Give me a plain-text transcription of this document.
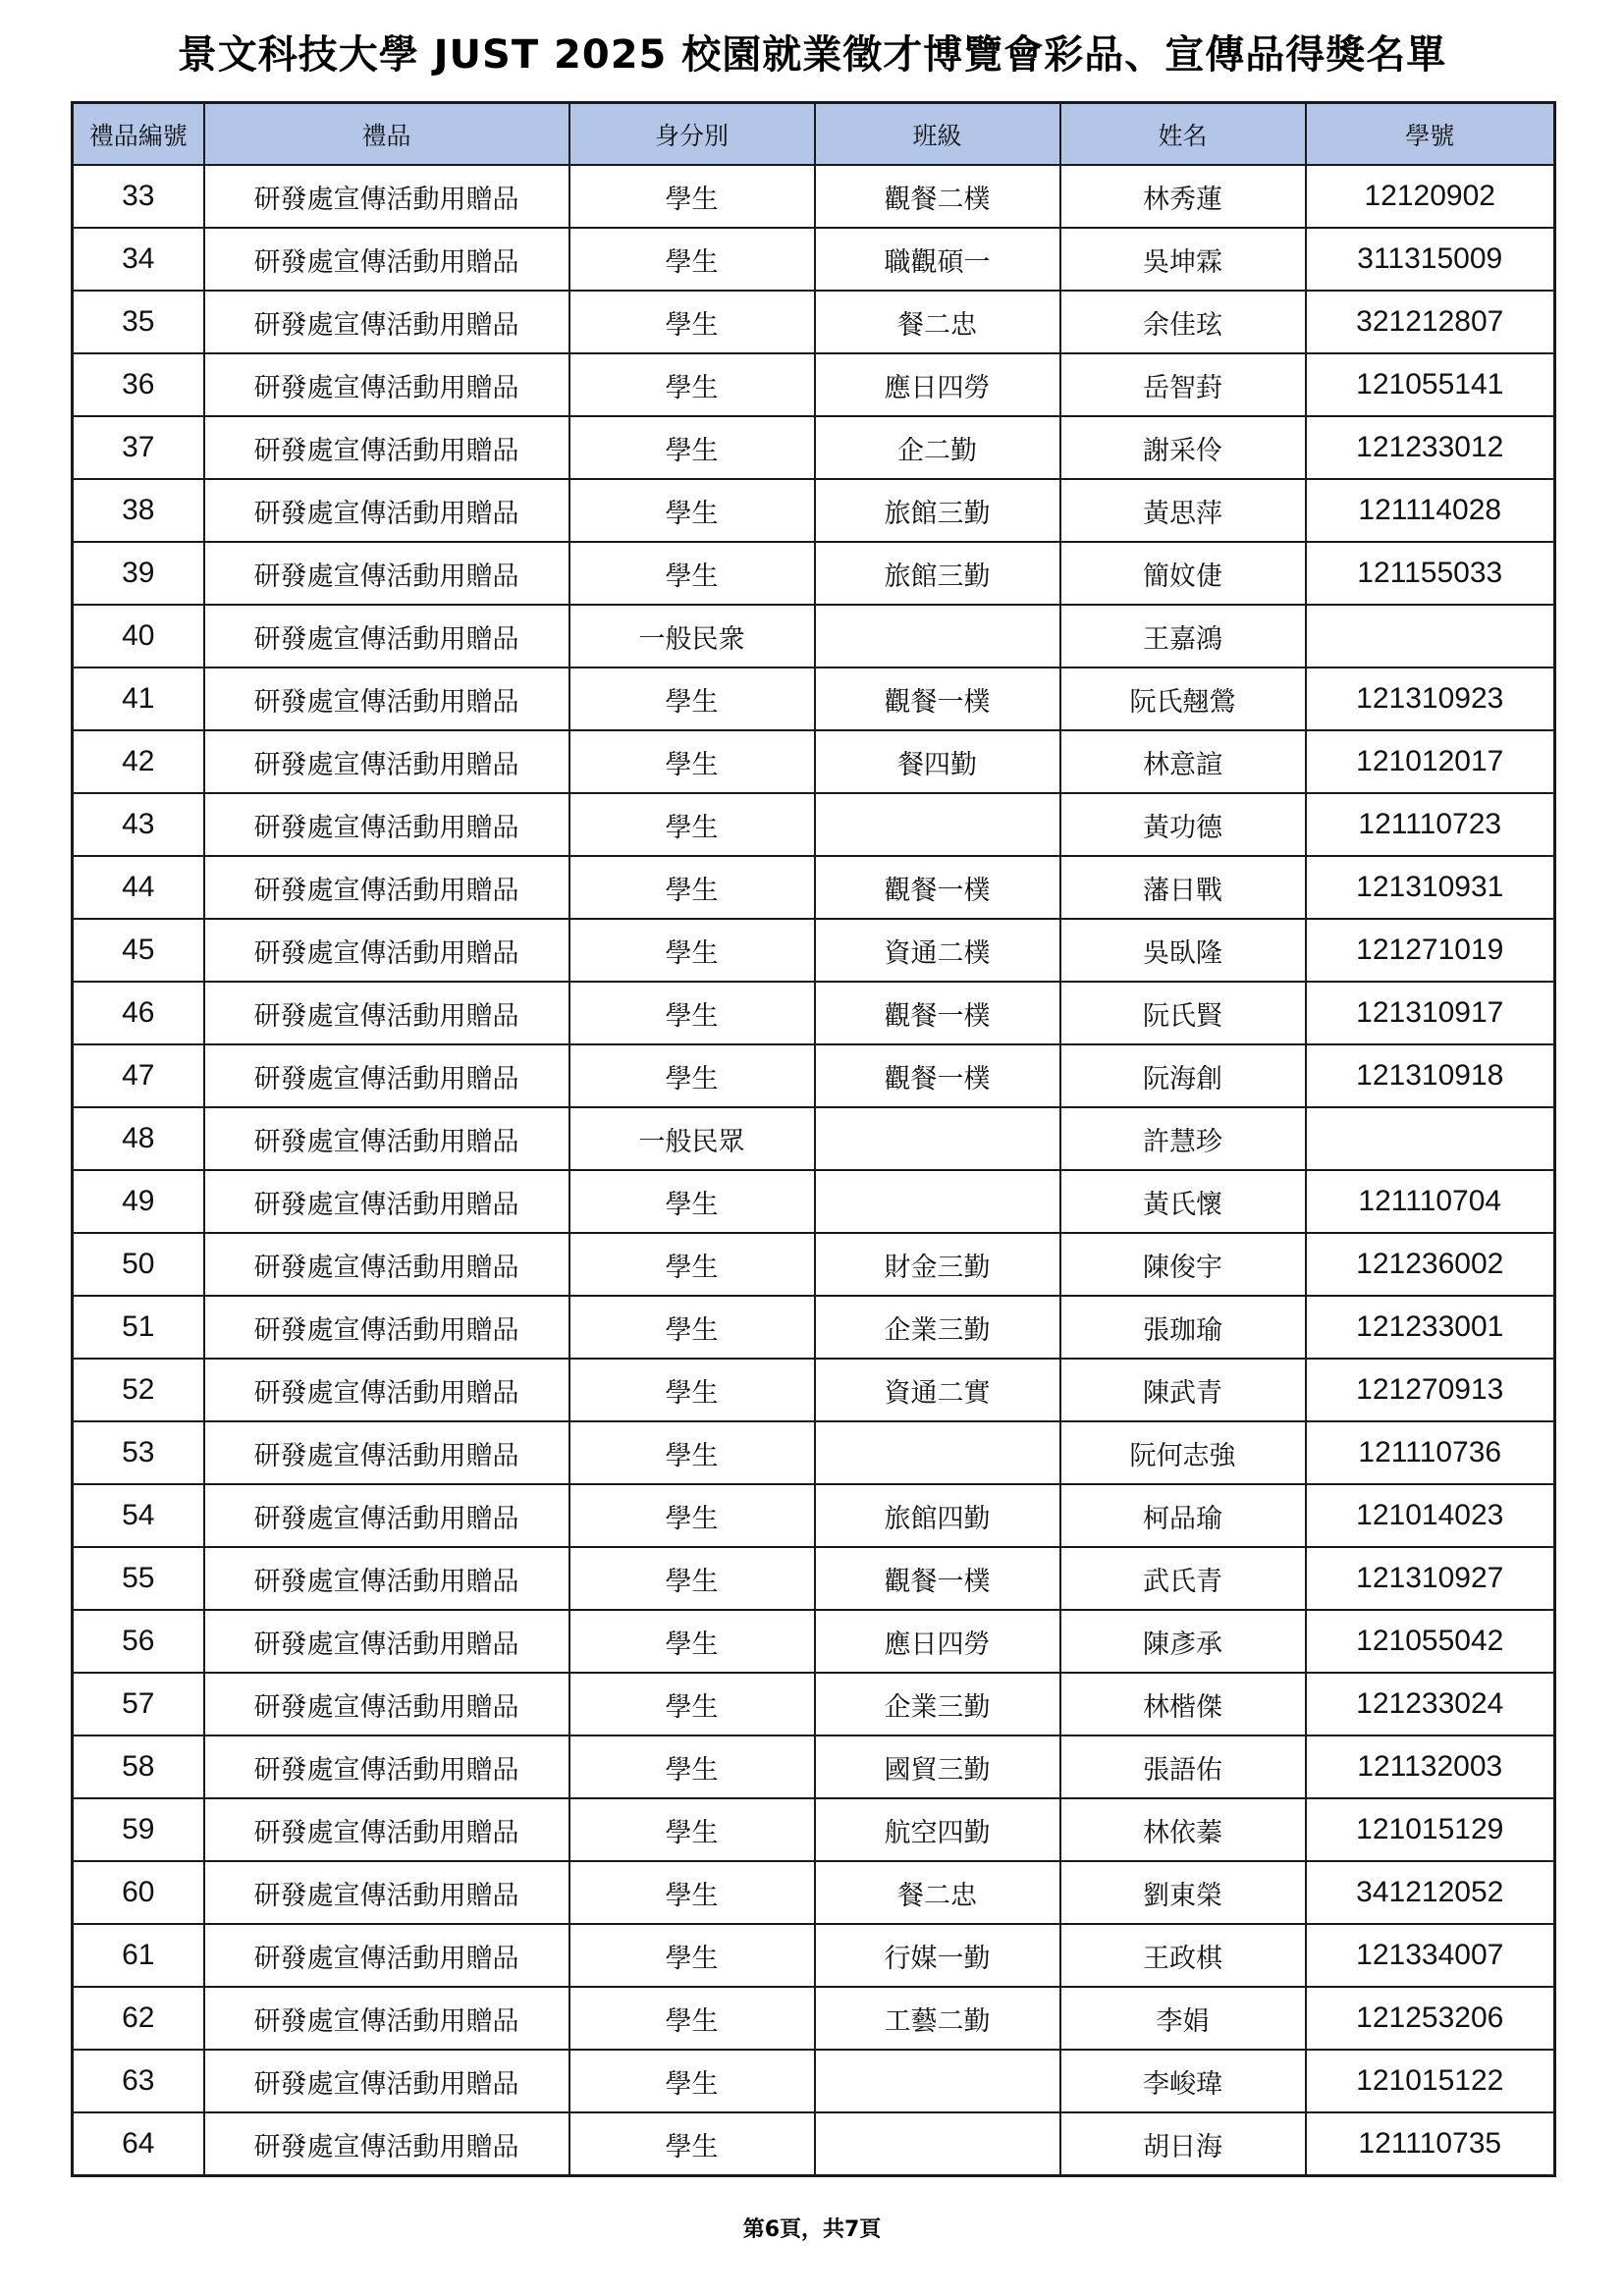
景文科技大學 JUST 2025 校園就業徵才博覽會彩品、宣傳品得獎名單
禮品編號	禮品	身分別	班級	姓名	學號
33	研發處宣傳活動用贈品	學生	觀餐二樸	林秀蓮	12120902
34	研發處宣傳活動用贈品	學生	職觀碩一	吳坤霖	311315009
35	研發處宣傳活動用贈品	學生	餐二忠	余佳玹	321212807
36	研發處宣傳活動用贈品	學生	應日四勞	岳智葑	121055141
37	研發處宣傳活動用贈品	學生	企二勤	謝采伶	121233012
38	研發處宣傳活動用贈品	學生	旅館三勤	黃思萍	121114028
39	研發處宣傳活動用贈品	學生	旅館三勤	簡妏倢	121155033
40	研發處宣傳活動用贈品	一般民衆		王嘉鴻	
41	研發處宣傳活動用贈品	學生	觀餐一樸	阮氏翹鶯	121310923
42	研發處宣傳活動用贈品	學生	餐四勤	林意諠	121012017
43	研發處宣傳活動用贈品	學生		黃功德	121110723
44	研發處宣傳活動用贈品	學生	觀餐一樸	藩日戰	121310931
45	研發處宣傳活動用贈品	學生	資通二樸	吳臥隆	121271019
46	研發處宣傳活動用贈品	學生	觀餐一樸	阮氏賢	121310917
47	研發處宣傳活動用贈品	學生	觀餐一樸	阮海創	121310918
48	研發處宣傳活動用贈品	一般民眾		許慧珍	
49	研發處宣傳活動用贈品	學生		黃氏懷	121110704
50	研發處宣傳活動用贈品	學生	財金三勤	陳俊宇	121236002
51	研發處宣傳活動用贈品	學生	企業三勤	張珈瑜	121233001
52	研發處宣傳活動用贈品	學生	資通二實	陳武青	121270913
53	研發處宣傳活動用贈品	學生		阮何志強	121110736
54	研發處宣傳活動用贈品	學生	旅館四勤	柯品瑜	121014023
55	研發處宣傳活動用贈品	學生	觀餐一樸	武氏青	121310927
56	研發處宣傳活動用贈品	學生	應日四勞	陳彥承	121055042
57	研發處宣傳活動用贈品	學生	企業三勤	林楷傑	121233024
58	研發處宣傳活動用贈品	學生	國貿三勤	張語佑	121132003
59	研發處宣傳活動用贈品	學生	航空四勤	林依蓁	121015129
60	研發處宣傳活動用贈品	學生	餐二忠	劉東榮	341212052
61	研發處宣傳活動用贈品	學生	行媒一勤	王政棋	121334007
62	研發處宣傳活動用贈品	學生	工藝二勤	李娟	121253206
63	研發處宣傳活動用贈品	學生		李峻瑋	121015122
64	研發處宣傳活動用贈品	學生		胡日海	121110735
第6頁，共7頁
